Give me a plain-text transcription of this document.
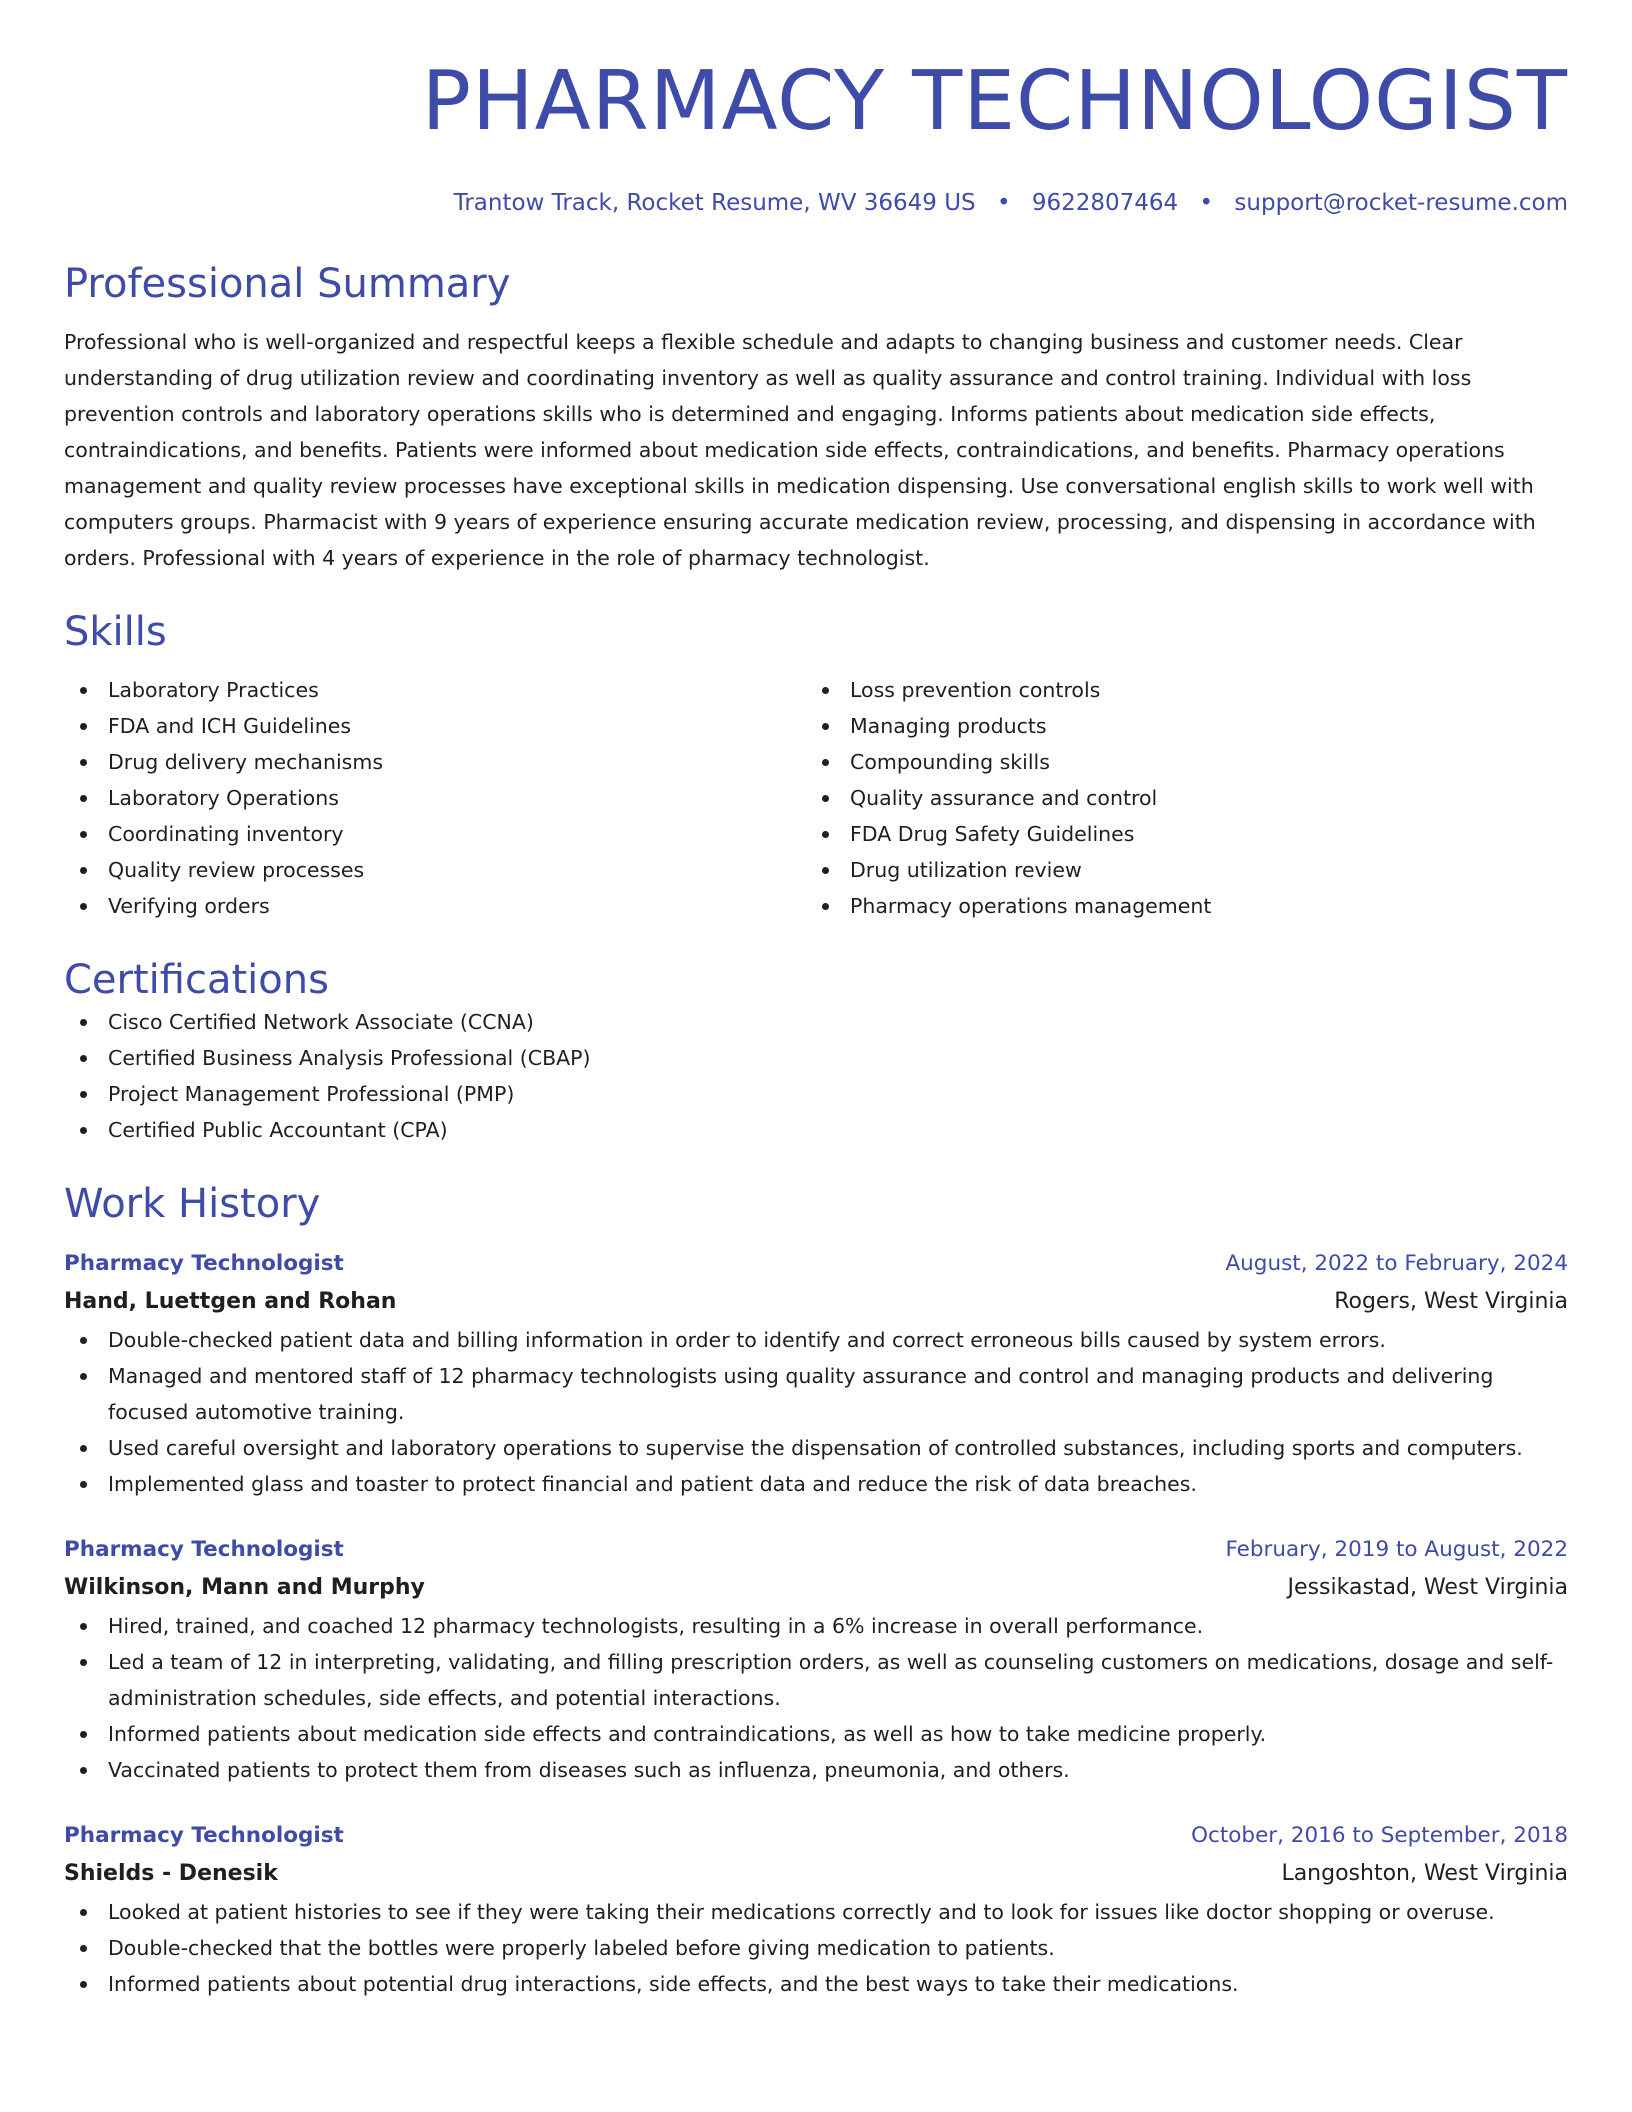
PHARMACY TECHNOLOGIST
Trantow Track, Rocket Resume, WV 36649 US • 9622807464 • support@rocket-resume.com
Professional Summary

Professional who is well-organized and respectful keeps a flexible schedule and adapts to changing business and customer needs. Clear understanding of drug utilization review and coordinating inventory as well as quality assurance and control training. Individual with loss prevention controls and laboratory operations skills who is determined and engaging. Informs patients about medication side effects, contraindications, and benefits. Patients were informed about medication side effects, contraindications, and benefits. Pharmacy operations management and quality review processes have exceptional skills in medication dispensing. Use conversational english skills to work well with computers groups. Pharmacist with 9 years of experience ensuring accurate medication review, processing, and dispensing in accordance with orders. Professional with 4 years of experience in the role of pharmacy technologist.

Skills
Laboratory Practices
FDA and ICH Guidelines
Drug delivery mechanisms
Laboratory Operations
Coordinating inventory
Quality review processes
Verifying orders
Loss prevention controls
Managing products
Compounding skills
Quality assurance and control
FDA Drug Safety Guidelines
Drug utilization review
Pharmacy operations management
Certifications
Cisco Certified Network Associate (CCNA)
Certified Business Analysis Professional (CBAP)
Project Management Professional (PMP)
Certified Public Accountant (CPA)
Work History
Pharmacy Technologist	August, 2022 to February, 2024
Hand, Luettgen and Rohan	Rogers, West Virginia
Double-checked patient data and billing information in order to identify and correct erroneous bills caused by system errors.
Managed and mentored staff of 12 pharmacy technologists using quality assurance and control and managing products and delivering focused automotive training.
Used careful oversight and laboratory operations to supervise the dispensation of controlled substances, including sports and computers.
Implemented glass and toaster to protect financial and patient data and reduce the risk of data breaches.
Pharmacy Technologist	February, 2019 to August, 2022
Wilkinson, Mann and Murphy	Jessikastad, West Virginia
Hired, trained, and coached 12 pharmacy technologists, resulting in a 6% increase in overall performance.
Led a team of 12 in interpreting, validating, and filling prescription orders, as well as counseling customers on medications, dosage and self-administration schedules, side effects, and potential interactions.
Informed patients about medication side effects and contraindications, as well as how to take medicine properly.
Vaccinated patients to protect them from diseases such as influenza, pneumonia, and others.
Pharmacy Technologist	October, 2016 to September, 2018
Shields - Denesik	Langoshton, West Virginia
Looked at patient histories to see if they were taking their medications correctly and to look for issues like doctor shopping or overuse.
Double-checked that the bottles were properly labeled before giving medication to patients.
Informed patients about potential drug interactions, side effects, and the best ways to take their medications.
